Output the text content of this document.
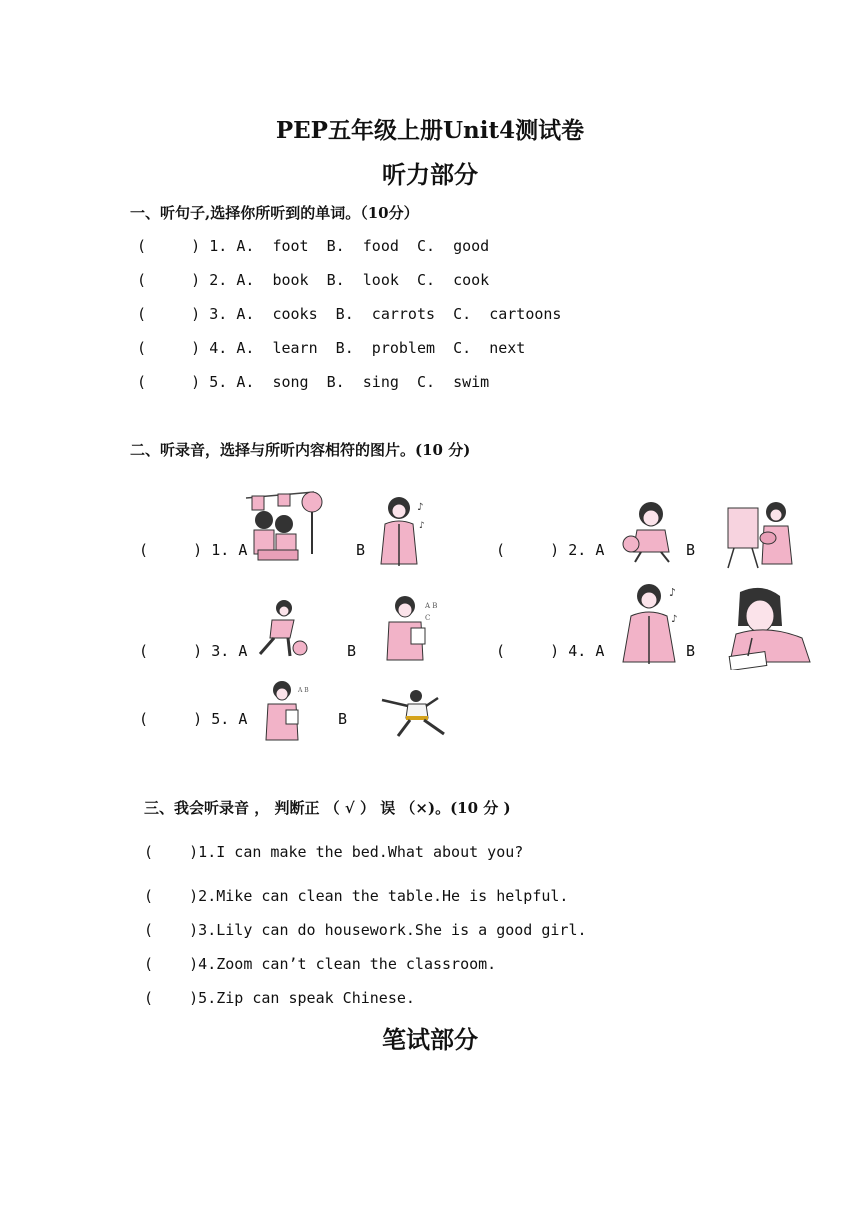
PEP五年级上册Unit4测试卷
听力部分
一、听句子,选择你所听到的单词。（10分）
(     ) 1. A.  foot  B.  food  C.  good
(     ) 2. A.  book  B.  look  C.  cook
(     ) 3. A.  cooks  B.  carrots  C.  cartoons
(     ) 4. A.  learn  B.  problem  C.  next
(     ) 5. A.  song  B.  sing  C.  swim
二、听录音，选择与所听内容相符的图片。(10 分)
(     ) 1. A	B
♪
♪
(     ) 2. A	B
(     ) 3. A	B
A B
C
(     ) 4. A
♪
♪
B
(     ) 5. A
A B
B
三、我会听录音 ， 判断正 （ √ ） 误 （×)。(10 分 )
(    )1.I can make the bed.What about you?
(    )2.Mike can clean the table.He is helpful.
(    )3.Lily can do housework.She is a good girl.
(    )4.Zoom can’t clean the classroom.
(    )5.Zip can speak Chinese.
笔试部分
